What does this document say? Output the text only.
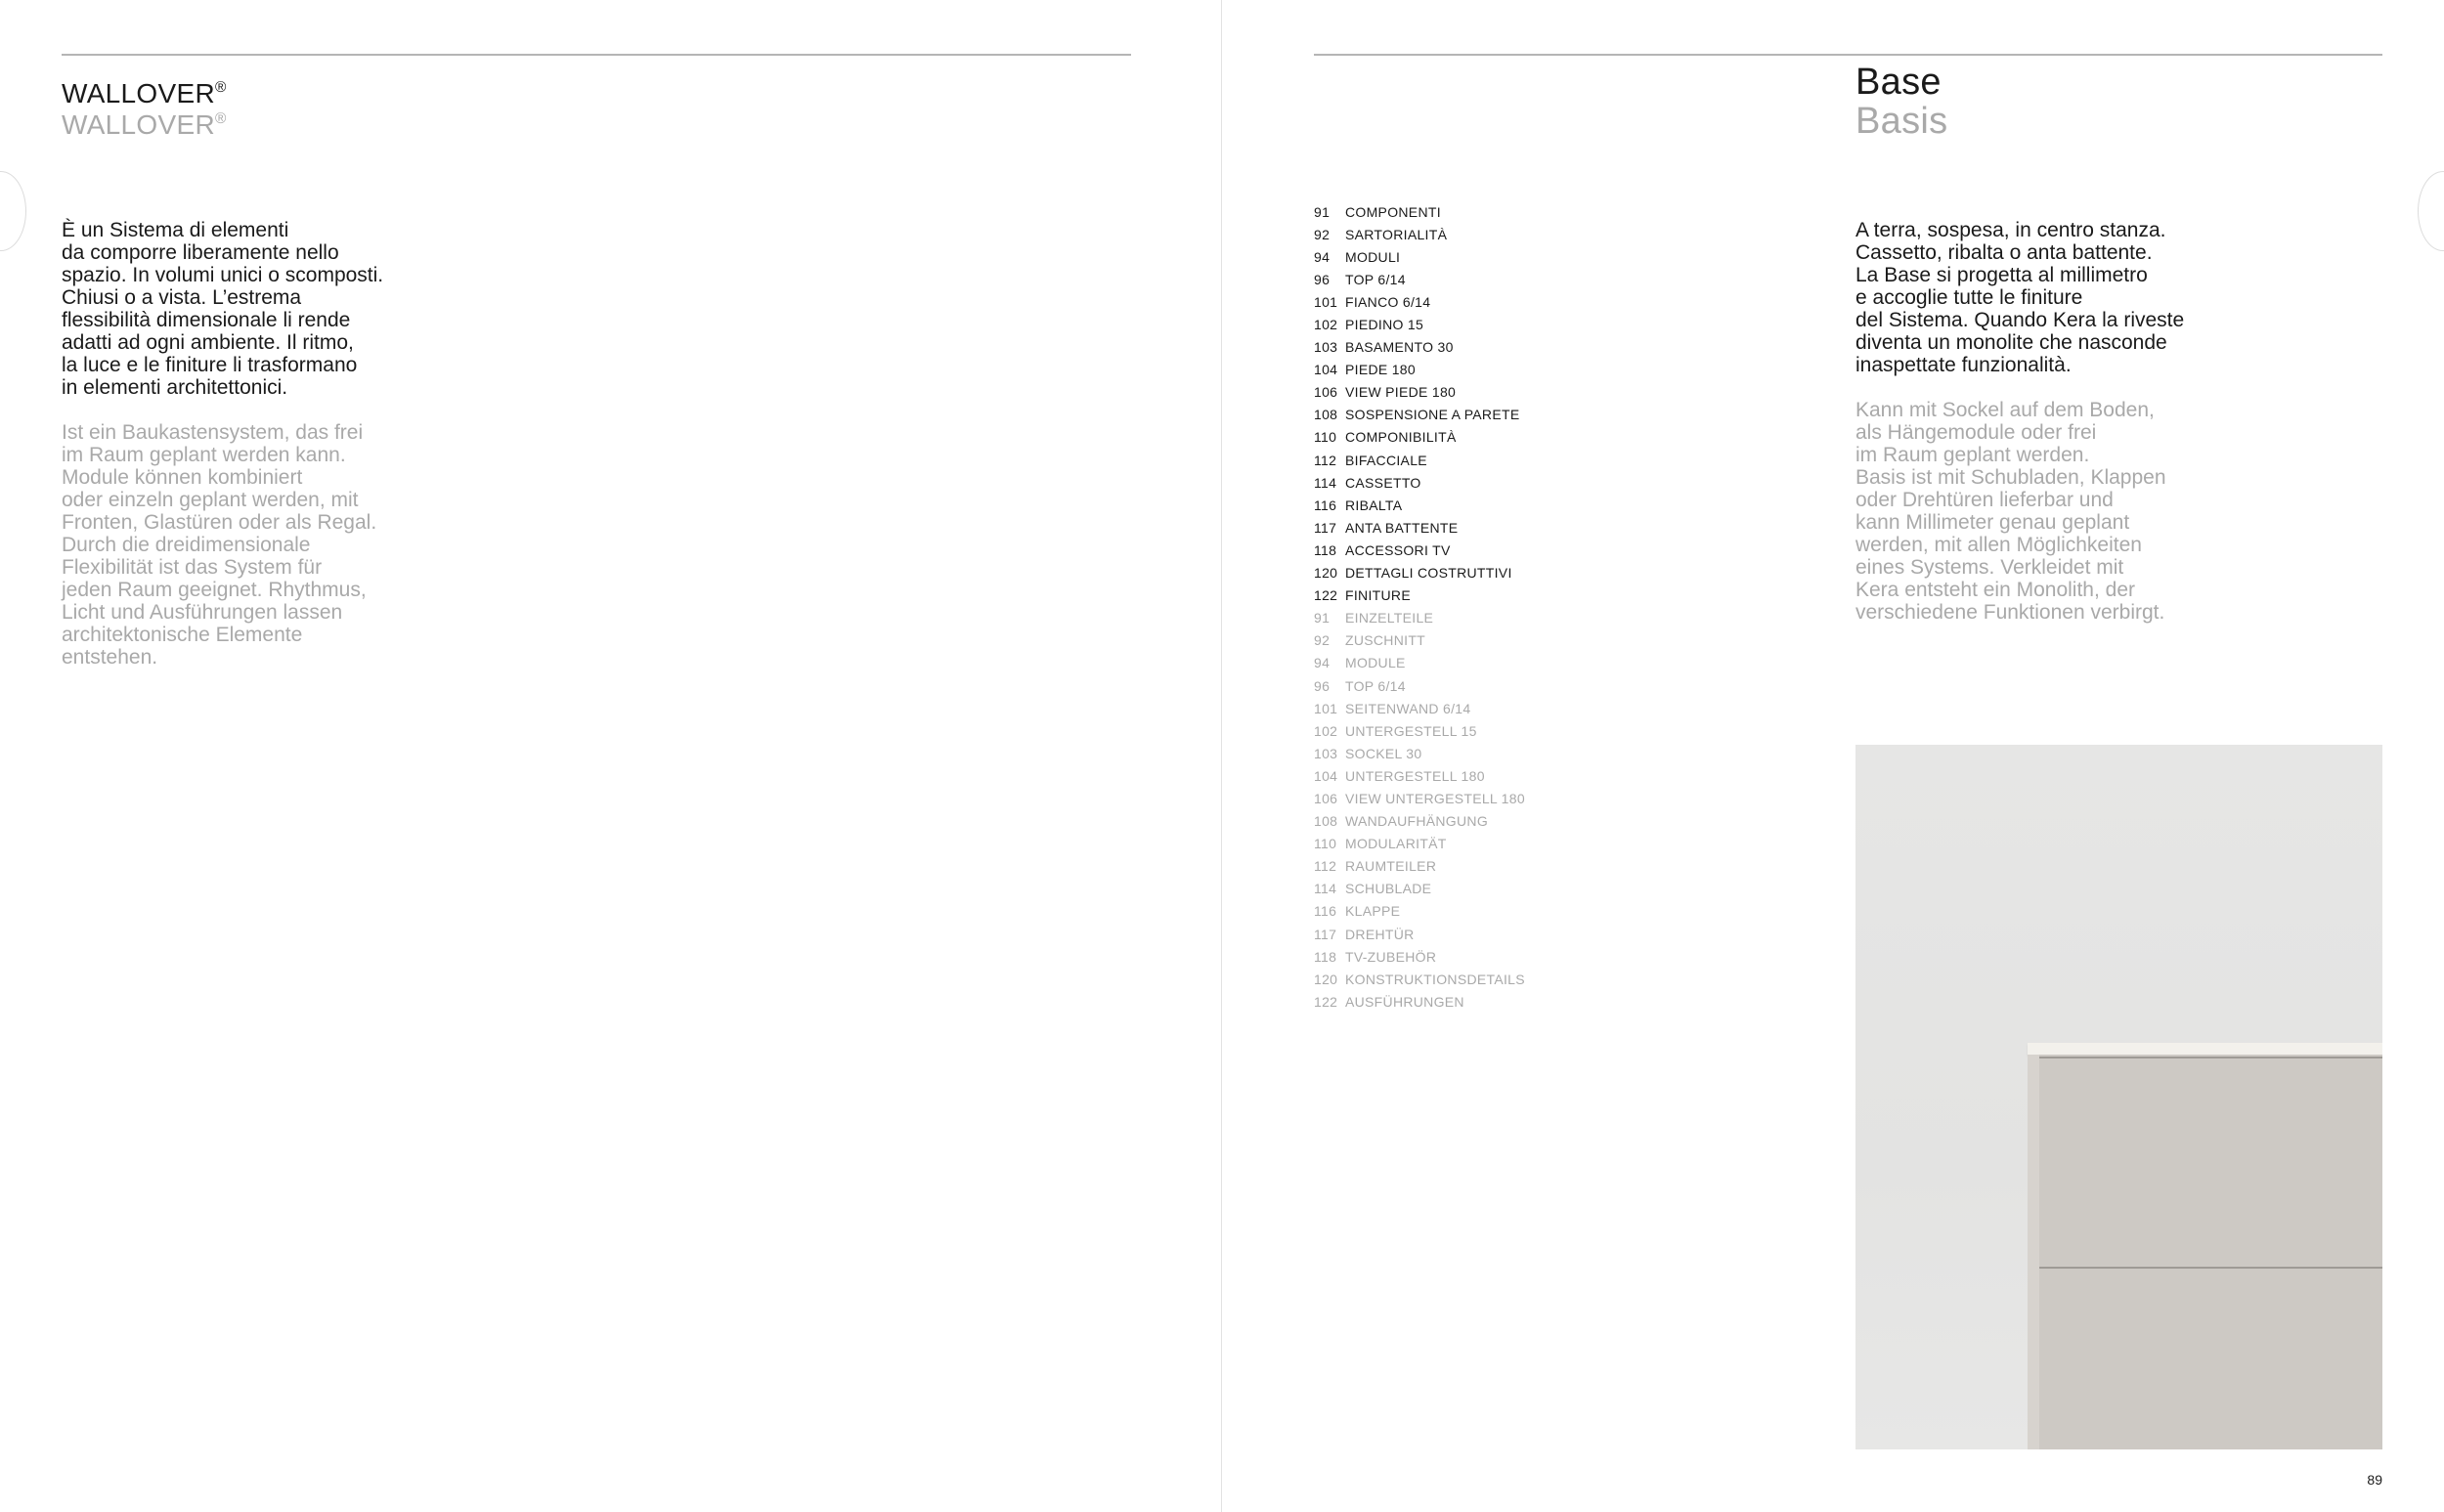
WALLOVER®
WALLOVER®

È un Sistema di elementi
da comporre liberamente nello
spazio. In volumi unici o scomposti.
Chiusi o a vista. L’estrema
flessibilità dimensionale li rende
adatti ad ogni ambiente. Il ritmo,
la luce e le finiture li trasformano
in elementi architettonici.

Ist ein Baukastensystem, das frei
im Raum geplant werden kann.
Module können kombiniert
oder einzeln geplant werden, mit
Fronten, Glastüren oder als Regal.
Durch die dreidimensionale
Flexibilität ist das System für
jeden Raum geeignet. Rhythmus,
Licht und Ausführungen lassen
architektonische Elemente
entstehen.

91	COMPONENTI
92	SARTORIALITÀ
94	MODULI
96	TOP 6/14
101 FIANCO 6/14
102 PIEDINO 15
103 BASAMENTO 30
104 PIEDE 180
106 VIEW PIEDE 180
108 SOSPENSIONE A PARETE
110 COMPONIBILITÀ
112 BIFACCIALE
114 CASSETTO
116 RIBALTA
117 ANTA BATTENTE
118 ACCESSORI TV
120 DETTAGLI COSTRUTTIVI
122 FINITURE
91	EINZELTEILE
92	ZUSCHNITT
94	MODULE
96	TOP 6/14
101 SEITENWAND 6/14
102 UNTERGESTELL 15
103 SOCKEL 30
104 UNTERGESTELL 180
106 VIEW UNTERGESTELL 180
108 WANDAUFHÄNGUNG
110 MODULARITÄT
112 RAUMTEILER
114 SCHUBLADE
116 KLAPPE
117 DREHTÜR
118 TV-ZUBEHÖR
120 KONSTRUKTIONSDETAILS
122 AUSFÜHRUNGEN
Base
Basis

A terra, sospesa, in centro stanza.
Cassetto, ribalta o anta battente.
La Base si progetta al millimetro
e accoglie tutte le finiture
del Sistema. Quando Kera la riveste
diventa un monolite che nasconde
inaspettate funzionalità.

Kann mit Sockel auf dem Boden,
als Hängemodule oder frei
im Raum geplant werden.
Basis ist mit Schubladen, Klappen
oder Drehtüren lieferbar und
kann Millimeter genau geplant
werden, mit allen Möglichkeiten
eines Systems. Verkleidet mit
Kera entsteht ein Monolith, der
verschiedene Funktionen verbirgt.

89
